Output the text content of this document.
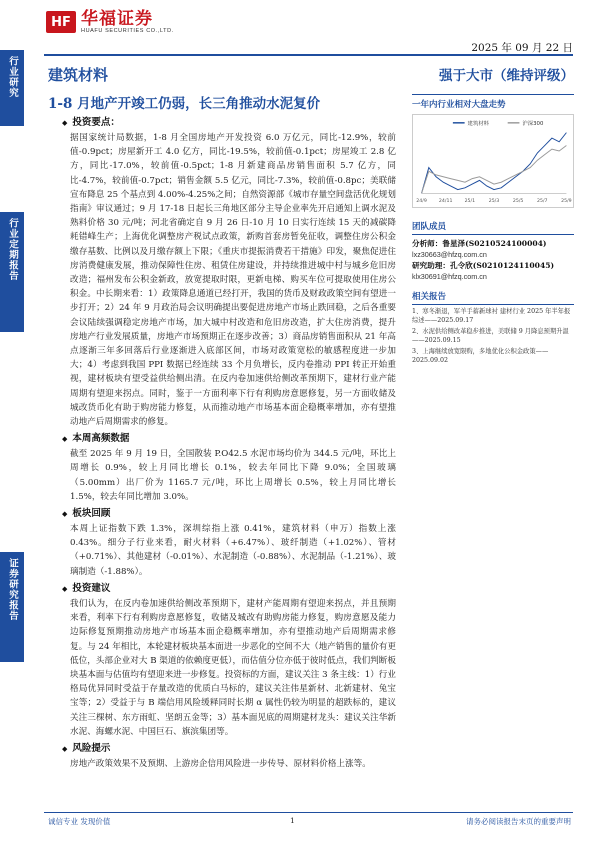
行业研究
行业定期报告
证券研究报告
HF 华福证券
HUAFU SECURITIES CO.,LTD.
2025 年 09 月 22 日
建筑材料
1-8 月地产开竣工仍弱，长三角推动水泥复价
◆ 投资要点：
据国家统计局数据，1-8 月全国房地产开发投资 6.0 万亿元，同比-12.9%，较前值-0.9pct；房屋新开工 4.0 亿方，同比-19.5%，较前值-0.1pct；房屋竣工 2.8 亿方，同比-17.0%，较前值-0.5pct；1-8 月新建商品房销售面积 5.7 亿方，同比-4.7%，较前值-0.7pct；销售金额 5.5 亿元，同比-7.3%，较前值-0.8pc；美联储宣布降息 25 个基点到 4.00%-4.25%之间；自然资源部《城市存量空间盘活优化规划指南》审议通过；9 月 17-18 日起长三角地区部分主导企业率先开启通知上调水泥及熟料价格 30 元/吨；河北省确定自 9 月 26 日-10 月 10 日实行连续 15 天的减碳降耗错峰生产；上海优化调整房产税试点政策，新购首套房暂免征收，调整住房公积金缴存基数、比例以及月缴存额上下限；《重庆市提振消费若干措施》印发，聚焦促进住房消费健康发展，推动保障性住房、租赁住房建设，并持续推进城中村与城乡危旧房改造；福州发布公积金新政，放宽提取时限，更新电梯、购买车位可提取使用住房公积金。中长期来看：1）政策降息通道已经打开，我国的货币及财政政策空间有望进一步打开；2）24 年 9 月政治局会议明确提出要促进房地产市场止跌回稳，之后各重要会议陆续强调稳定房地产市场，加大城中村改造和危旧房改造，扩大住房消费，提升房地产行业发展质量，房地产市场预期正在逐步改善；3）商品房销售面积从 21 年高点逐渐三年多回落后行业逐渐进入底部区间，市场对政策宽松的敏感程度进一步加大；4）考虑到我国 PPI 数据已经连续 33 个月负增长，反内卷推动 PPI 转正开始重视，建材板块有望受益供给侧出清。在反内卷加速供给侧改革预期下，建材行业产能周期有望迎来拐点。同时，鉴于一方面利率下行有利购房意愿修复，另一方面收储及城改货币化有助于购房能力修复，从而推动地产市场基本面企稳概率增加，亦有望推动地产后周期需求的修复。
◆ 本周高频数据
截至 2025 年 9 月 19 日，全国散装 P.O42.5 水泥市场均价为 344.5 元/吨，环比上周增长 0.9%，较上月同比增长 0.1%，较去年同比下降 9.0%；全国玻璃（5.00mm）出厂价为 1165.7 元/吨，环比上周增长 0.5%，较上月同比增长 1.5%，较去年同比增加 3.0%。
◆ 板块回顾
本周上证指数下跌 1.3%，深圳综指上涨 0.41%，建筑材料（申万）指数上涨 0.43%。细分子行业来看，耐火材料（+6.47%）、玻纤制造（+1.02%）、管材（+0.71%）、其他建材（-0.01%）、水泥制造（-0.88%）、水泥制品（-1.21%）、玻璃制造（-1.88%）。
◆ 投资建议
我们认为，在反内卷加速供给侧改革预期下，建材产能周期有望迎来拐点，并且预期来看，利率下行有利购房意愿修复，收储及城改有助购房能力修复，购房意愿及能力边际修复预期推动房地产市场基本面企稳概率增加，亦有望推动地产后周期需求修复。与 24 年相比，本轮建材板块基本面进一步恶化的空间不大（地产销售的量价有更低位，头部企业对大 B 渠道的依赖度更低），而估值分位亦低于彼时低点，我们判断板块基本面与估值均有望迎来进一步修复。投资标的方面，建议关注 3 条主线：1）行业格局优异同时受益于存量改造的优质白马标的，建议关注伟星新材、北新建材、兔宝宝等；2）受益于与 B 端信用风险缓释同时长期 α 属性仍较为明显的超跌标的，建议关注三棵树、东方雨虹、坚朗五金等；3）基本面见底的周期建材龙头：建议关注华新水泥、海螺水泥、中国巨石、旗滨集团等。
◆ 风险提示
房地产政策效果不及预期、上游房企信用风险进一步传导、原材料价格上涨等。
强于大市（维持评级）
一年内行业相对大盘走势
建筑材料	沪深300
24/9	24/11	25/1	25/3	25/5	25/7	25/9
团队成员
分析师：鲁星泽(S0210524100004)
lxz30663@hfzq.com.cn
研究助理：孔令欣(S0210124110045)
klx30691@hfzq.com.cn
相关报告
1、寒冬渐退，军羊手蓄新球衬 建材行业 2025 年半年报综述——2025.09.17
2、水泥供给侧改革稳步推进，美联储 9 月降息预期升温——2025.09.15
3、上海继续放宽限购，多地优化公积金政策——2025.09.02
诚信专业 发现价值	1	请务必阅读报告末页的重要声明
